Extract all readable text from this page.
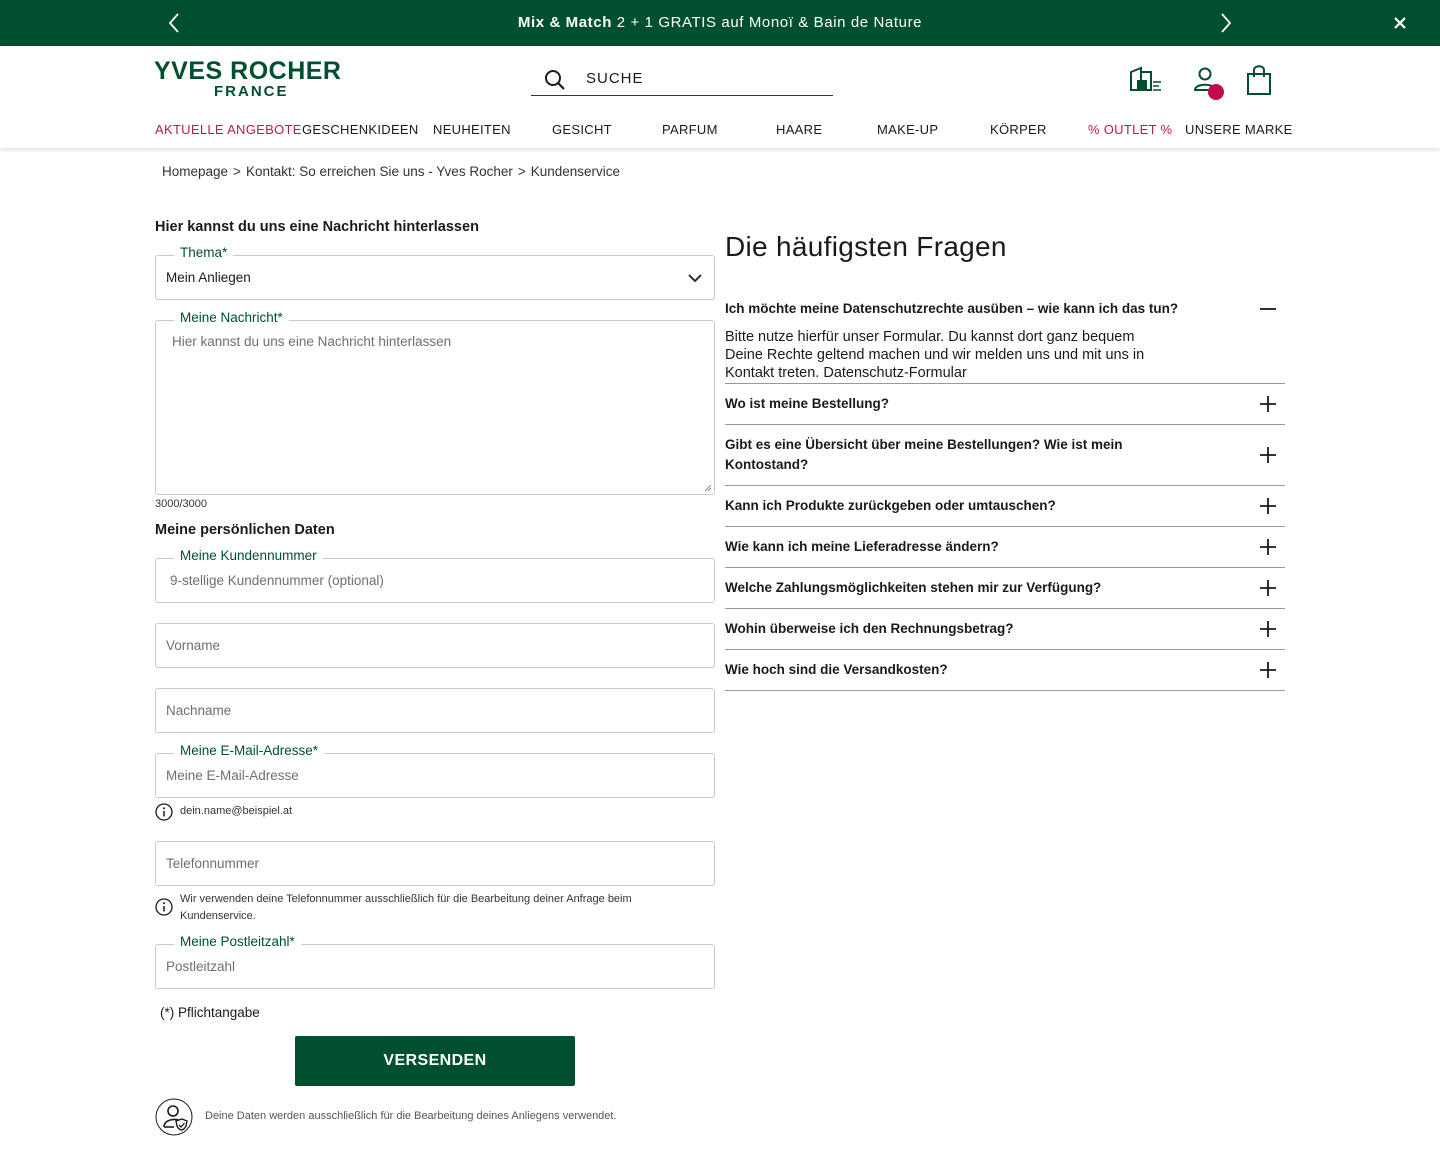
Mix & Match 2 + 1 GRATIS auf Monoï & Bain de Nature
YVES ROCHER
FRANCE
SUCHE
AKTUELLE ANGEBOTE GESCHENKIDEEN NEUHEITEN	GESICHT	PARFUM	HAARE	MAKE-UP	KÖRPER	% OUTLET % UNSERE MARKE
Homepage > Kontakt: So erreichen Sie uns - Yves Rocher > Kundenservice
Hier kannst du uns eine Nachricht hinterlassen
Thema*
Mein Anliegen
Meine Nachricht*
Hier kannst du uns eine Nachricht hinterlassen
3000/3000
Meine persönlichen Daten
Meine Kundennummer
9-stellige Kundennummer (optional)
Vorname
Nachname
Meine E-Mail-Adresse*
Meine E-Mail-Adresse
dein.name@beispiel.at
Telefonnummer
Wir verwenden deine Telefonnummer ausschließlich für die Bearbeitung deiner Anfrage beim
Kundenservice.
Meine Postleitzahl*
Postleitzahl
(*) Pflichtangabe
VERSENDEN
Deine Daten werden ausschließlich für die Bearbeitung deines Anliegens verwendet.
Die häufigsten Fragen
Ich möchte meine Datenschutzrechte ausüben – wie kann ich das tun?
Bitte nutze hierfür unser Formular. Du kannst dort ganz bequem
Deine Rechte geltend machen und wir melden uns und mit uns in
Kontakt treten. Datenschutz-Formular
Wo ist meine Bestellung?
Gibt es eine Übersicht über meine Bestellungen? Wie ist mein
Kontostand?
Kann ich Produkte zurückgeben oder umtauschen?
Wie kann ich meine Lieferadresse ändern?
Welche Zahlungsmöglichkeiten stehen mir zur Verfügung?
Wohin überweise ich den Rechnungsbetrag?
Wie hoch sind die Versandkosten?
